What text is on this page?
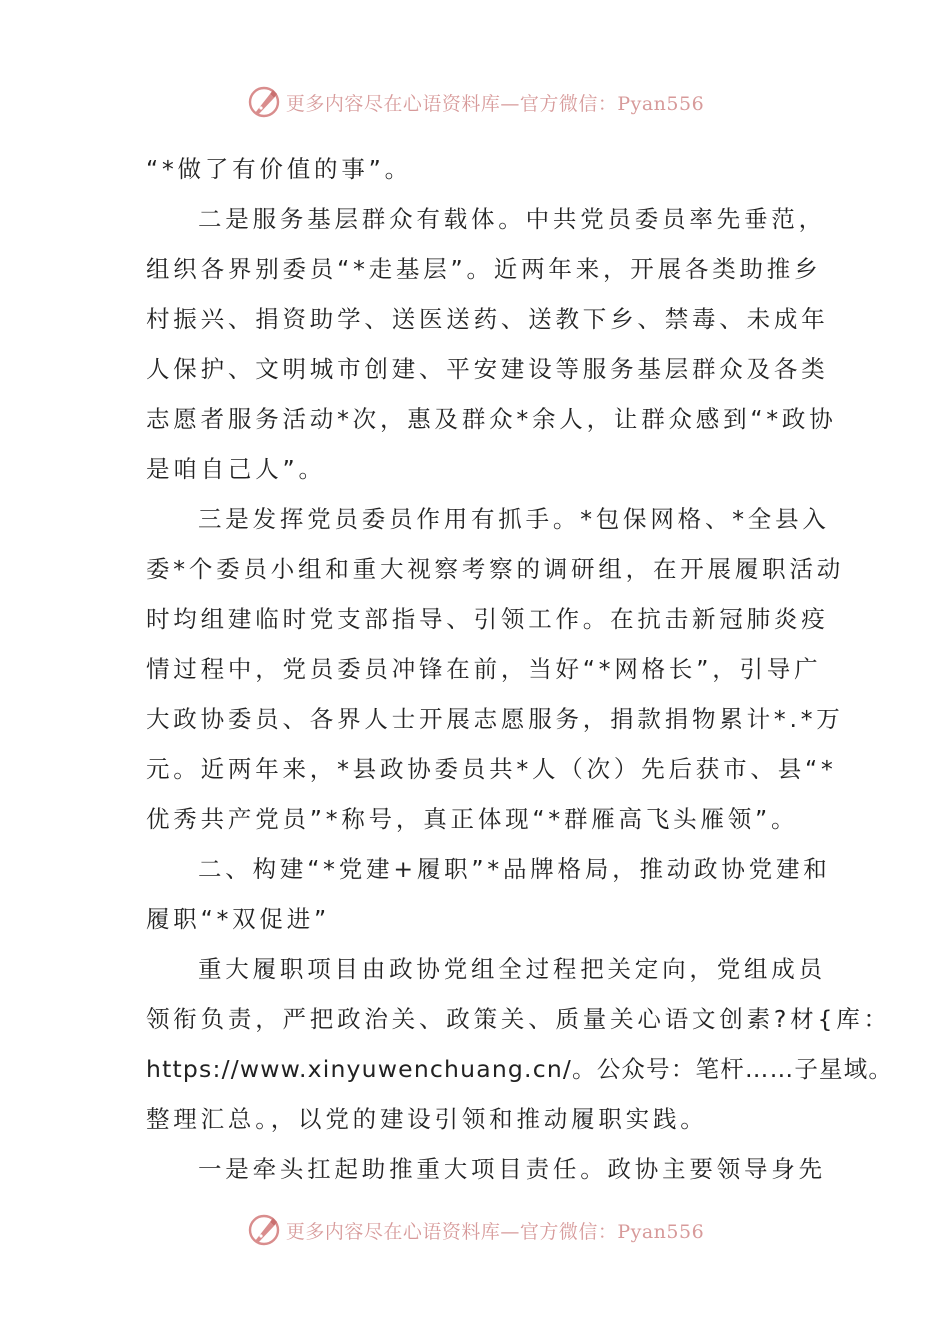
更多内容尽在心语资料库—官方微信：Pyan556
“*做了有价值的事”。
二是服务基层群众有载体。中共党员委员率先垂范，
组织各界别委员“*走基层”。近两年来，开展各类助推乡
村振兴、捐资助学、送医送药、送教下乡、禁毒、未成年
人保护、文明城市创建、平安建设等服务基层群众及各类
志愿者服务活动*次，惠及群众*余人，让群众感到“*政协
是咱自己人”。
三是发挥党员委员作用有抓手。*包保网格、*全县入
委*个委员小组和重大视察考察的调研组，在开展履职活动
时均组建临时党支部指导、引领工作。在抗击新冠肺炎疫
情过程中，党员委员冲锋在前，当好“*网格长”，引导广
大政协委员、各界人士开展志愿服务，捐款捐物累计*.*万
元。近两年来，*县政协委员共*人（次）先后获市、县“*
优秀共产党员”*称号，真正体现“*群雁高飞头雁领”。
二、构建“*党建+履职”*品牌格局，推动政协党建和
履职“*双促进”
重大履职项目由政协党组全过程把关定向，党组成员
领衔负责，严把政治关、政策关、质量关心语文创素?材{库：
https://www.xinyuwenchuang.cn/。公众号：笔杆……子星域。
整理汇总。，以党的建设引领和推动履职实践。
一是牵头扛起助推重大项目责任。政协主要领导身先
更多内容尽在心语资料库—官方微信：Pyan556
